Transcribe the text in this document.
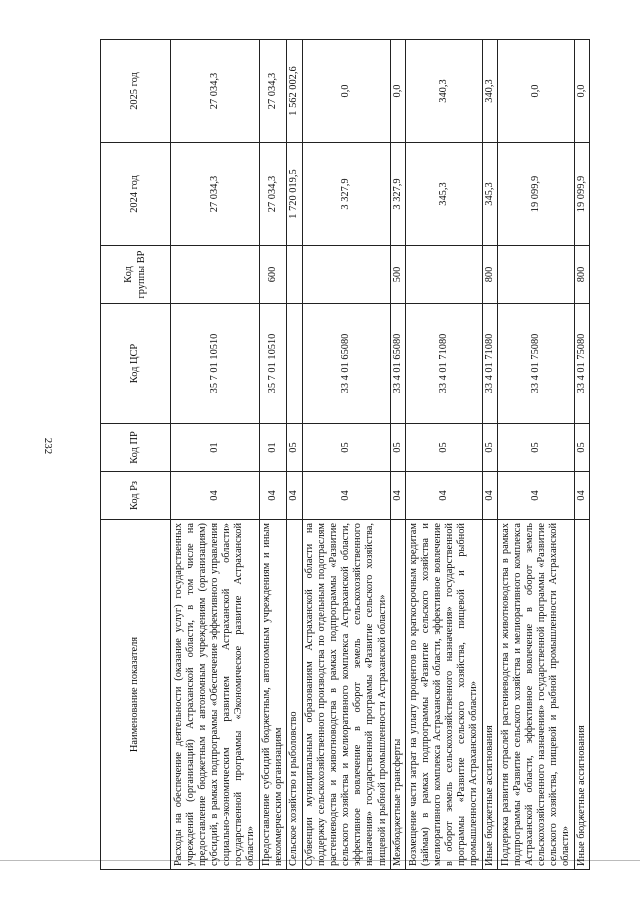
232
Наименование показателя	Код Рз	Код ПР	Код ЦСР	Код группы ВР	2024 год	2025 год
Расходы на обеспечение деятельности (оказание услуг) государственных учреждений (организаций) Астраханской области, в том числе на предоставление бюджетным и автономным учреждениям (организациям) субсидий, в рамках подпрограммы «Обеспечение эффективного управления социально-экономическим развитием Астраханской области» государственной программы «Экономическое развитие Астраханской области»	04	01	35 7 01 10510		27 034,3	27 034,3
Предоставление субсидий бюджетным, автономным учреждениям и иным некоммерческим организациям	04	01	35 7 01 10510	600	27 034,3	27 034,3
Сельское хозяйство и рыболовство	04	05			1 720 019,5	1 562 002,6
Субвенции муниципальным образованиям Астраханской области на поддержку сельскохозяйственного производства по отдельным подотраслям растениеводства и животноводства в рамках подпрограммы «Развитие сельского хозяйства и мелиоративного комплекса Астраханской области, эффективное вовлечение в оборот земель сельскохозяйственного назначения» государственной программы «Развитие сельского хозяйства, пищевой и рыбной промышленности Астраханской области»	04	05	33 4 01 65080		3 327,9	0,0
Межбюджетные трансферты	04	05	33 4 01 65080	500	3 327,9	0,0
Возмещение части затрат на уплату процентов по краткосрочным кредитам (займам) в рамках подпрограммы «Развитие сельского хозяйства и мелиоративного комплекса Астраханской области, эффективное вовлечение в оборот земель сельскохозяйственного назначения» государственной программы «Развитие сельского хозяйства, пищевой и рыбной промышленности Астраханской области»	04	05	33 4 01 71080		345,3	340,3
Иные бюджетные ассигнования	04	05	33 4 01 71080	800	345,3	340,3
Поддержка развития отраслей растениеводства и животноводства в рамках подпрограммы «Развитие сельского хозяйства и мелиоративного комплекса Астраханской области, эффективное вовлечение в оборот земель сельскохозяйственного назначения» государственной программы «Развитие сельского хозяйства, пищевой и рыбной промышленности Астраханской области»	04	05	33 4 01 75080		19 099,9	0,0
Иные бюджетные ассигнования	04	05	33 4 01 75080	800	19 099,9	0,0
